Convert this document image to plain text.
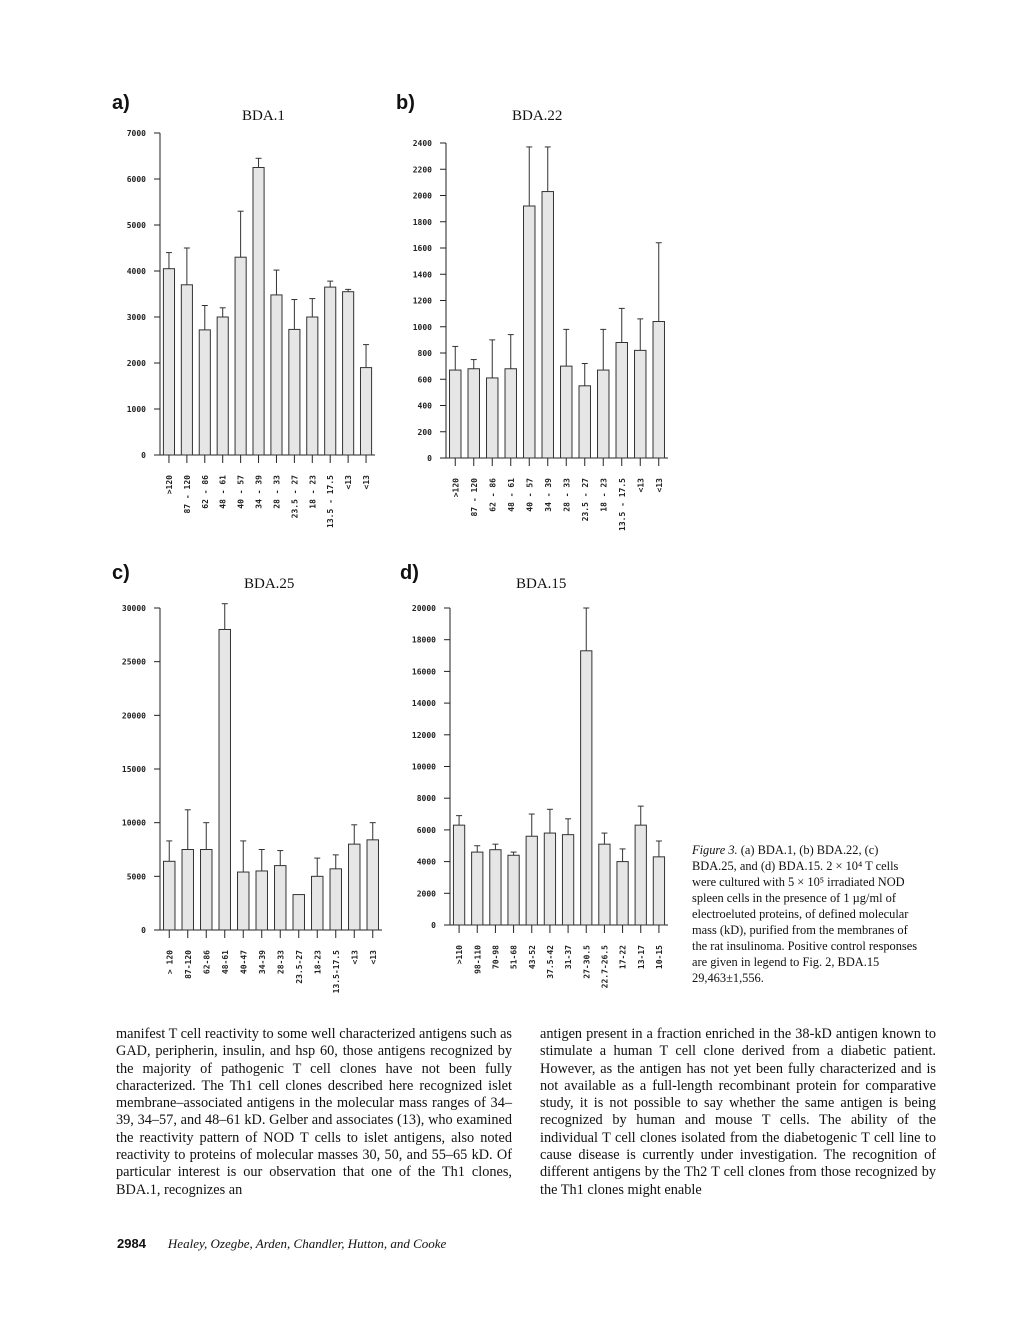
a)
BDA.1
b)
BDA.22
c)	BDA.25	d)	BDA.15
0
1000
2000
3000
4000
5000
6000
7000
>120 87 - 120 62 - 86 48 - 61 40 - 57 34 - 39 28 - 33 23.5 - 27 18 - 23 13.5 - 17.5 <13 <13
0
200
400
600
800
1000
1200
1400
1600
1800
2000
2200
2400
>120 87 - 120 62 - 86 48 - 61 40 - 57 34 - 39 28 - 33 23.5 - 27 18 - 23 13.5 - 17.5 <13 <13
0
5000
10000
15000
20000
25000
30000
> 120 87-120 62-86 48-61 40-47 34-39 28-33 23.5-27 18-23 13.5-17.5 <13 <13
0
2000
4000
6000
8000
10000
12000
14000
16000
18000
20000
>110 98-110 70-98 51-68 43-52 37.5-42 31-37 27-30.5 22.7-26.5 17-22 13-17 10-15
Figure 3. (a) BDA.1, (b) BDA.22, (c) BDA.25, and (d) BDA.15. 2 × 10⁴ T cells were cultured with 5 × 10⁵ irradiated NOD spleen cells in the presence of 1 µg/ml of electroeluted proteins, of defined molecular mass (kD), purified from the membranes of the rat insulinoma. Positive control responses are given in legend to Fig. 2, BDA.15 29,463±1,556.
manifest T cell reactivity to some well characterized antigens such as GAD, peripherin, insulin, and hsp 60, those antigens recognized by the majority of pathogenic T cell clones have not been fully characterized. The Th1 cell clones described here recognized islet membrane–associated antigens in the molecular mass ranges of 34–39, 34–57, and 48–61 kD. Gelber and associates (13), who examined the reactivity pattern of NOD T cells to islet antigens, also noted reactivity to proteins of molecular masses 30, 50, and 55–65 kD. Of particular interest is our observation that one of the Th1 clones, BDA.1, recognizes an
antigen present in a fraction enriched in the 38-kD antigen known to stimulate a human T cell clone derived from a diabetic patient. However, as the antigen has not yet been fully characterized and is not available as a full-length recombinant protein for comparative study, it is not possible to say whether the same antigen is being recognized by human and mouse T cells. The ability of the individual T cell clones isolated from the diabetogenic T cell line to cause disease is currently under investigation. The recognition of different antigens by the Th2 T cell clones from those recognized by the Th1 clones might enable
2984 Healey, Ozegbe, Arden, Chandler, Hutton, and Cooke
